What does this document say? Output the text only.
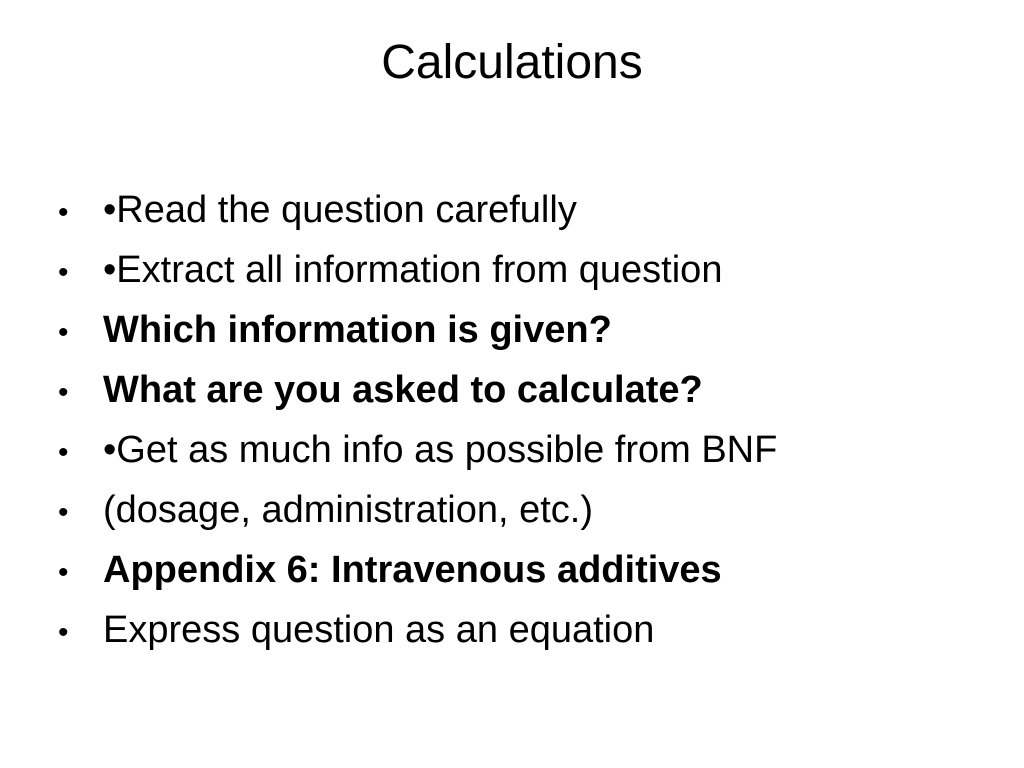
Calculations
• •Read the question carefully
• •Extract all information from question
• Which information is given?
• What are you asked to calculate?
• •Get as much info as possible from BNF
• (dosage, administration, etc.)
• Appendix 6: Intravenous additives
• Express question as an equation
